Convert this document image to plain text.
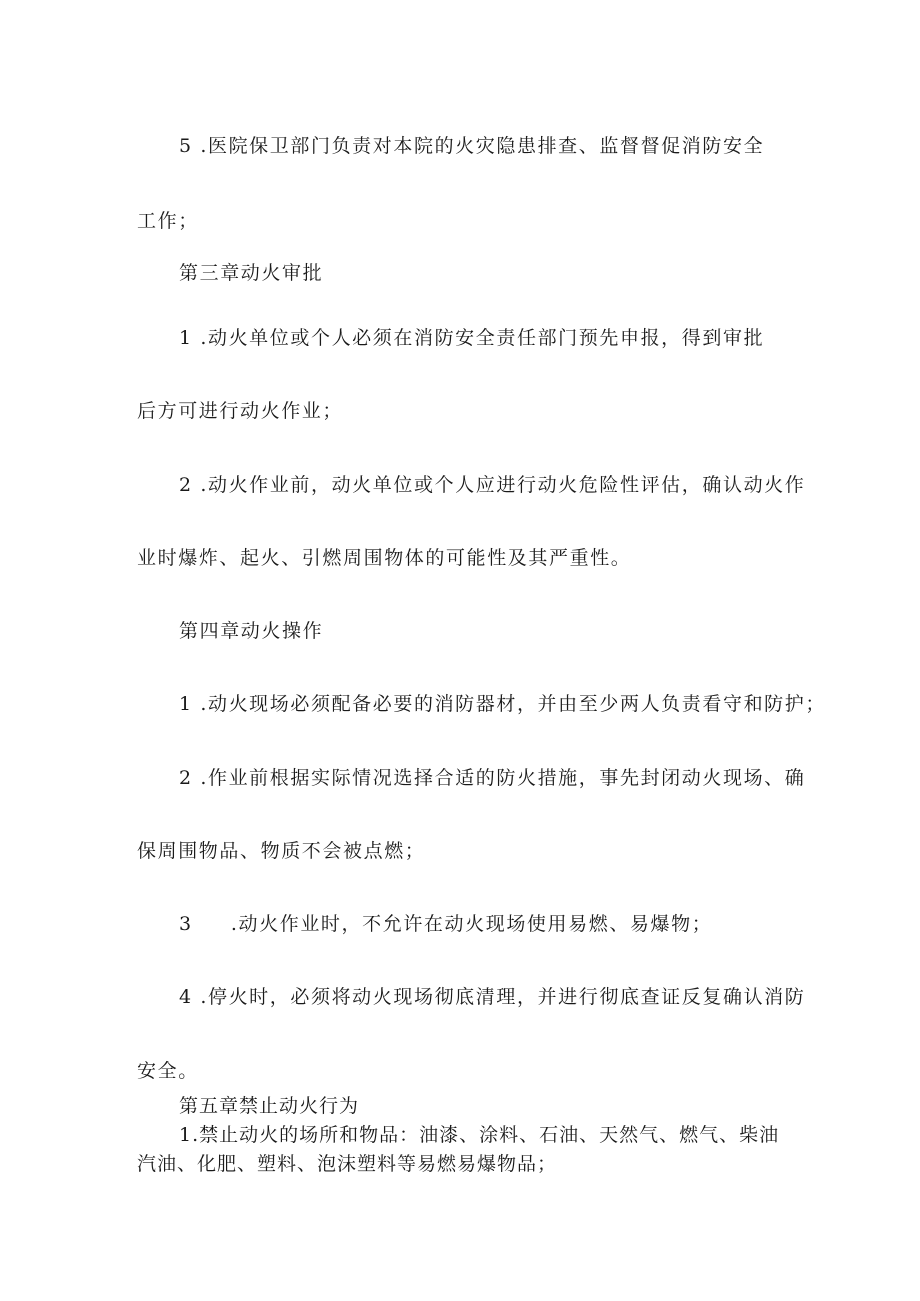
5 .医院保卫部门负责对本院的火灾隐患排查、监督督促消防安全
工作；
第三章动火审批
1 .动火单位或个人必须在消防安全责任部门预先申报，得到审批
后方可进行动火作业；
2 .动火作业前，动火单位或个人应进行动火危险性评估，确认动火作
业时爆炸、起火、引燃周围物体的可能性及其严重性。
第四章动火操作
1 .动火现场必须配备必要的消防器材，并由至少两人负责看守和防护；
2 .作业前根据实际情况选择合适的防火措施，事先封闭动火现场、确
保周围物品、物质不会被点燃；
3     .动火作业时，不允许在动火现场使用易燃、易爆物；
4 .停火时，必须将动火现场彻底清理，并进行彻底查证反复确认消防
安全。
第五章禁止动火行为
1.禁止动火的场所和物品：油漆、涂料、石油、天然气、燃气、柴油
汽油、化肥、塑料、泡沫塑料等易燃易爆物品；
